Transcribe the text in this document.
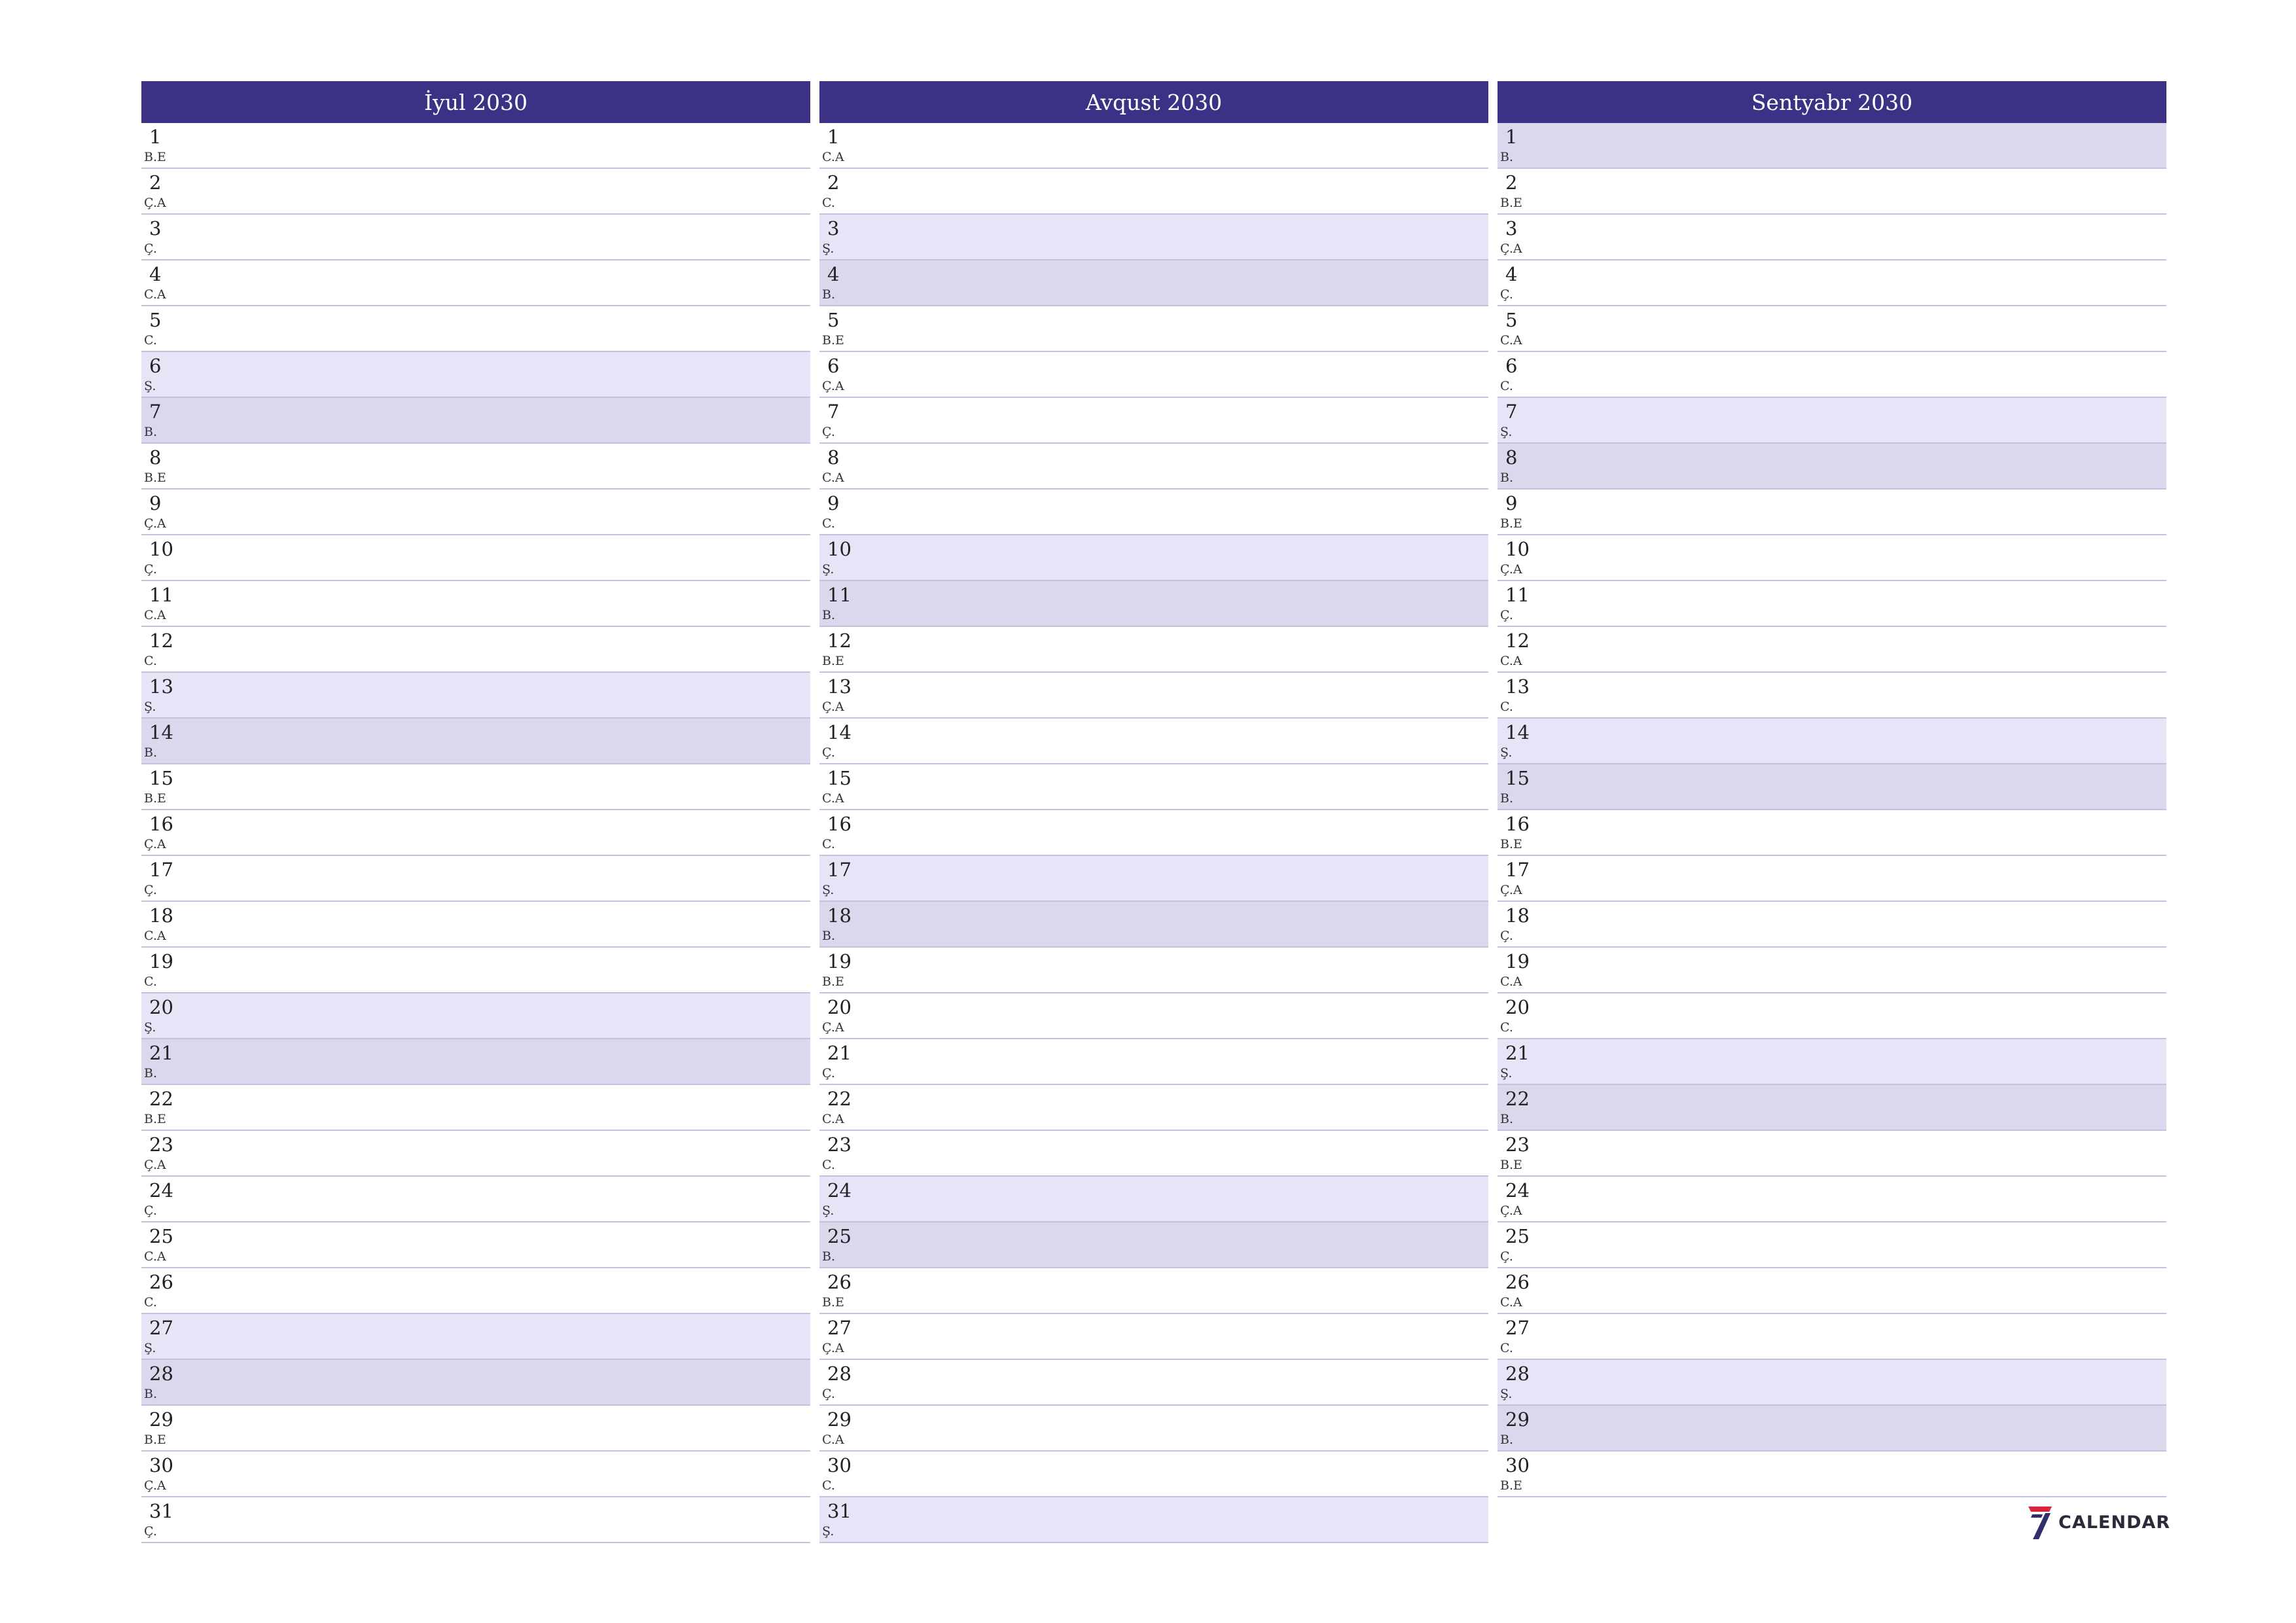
İyul 2030
1
B.E
2
Ç.A
3
Ç.
4
C.A
5
C.
6
Ş.
7
B.
8
B.E
9
Ç.A
10
Ç.
11
C.A
12
C.
13
Ş.
14
B.
15
B.E
16
Ç.A
17
Ç.
18
C.A
19
C.
20
Ş.
21
B.
22
B.E
23
Ç.A
24
Ç.
25
C.A
26
C.
27
Ş.
28
B.
29
B.E
30
Ç.A
31
Ç.
Avqust 2030
1
C.A
2
C.
3
Ş.
4
B.
5
B.E
6
Ç.A
7
Ç.
8
C.A
9
C.
10
Ş.
11
B.
12
B.E
13
Ç.A
14
Ç.
15
C.A
16
C.
17
Ş.
18
B.
19
B.E
20
Ç.A
21
Ç.
22
C.A
23
C.
24
Ş.
25
B.
26
B.E
27
Ç.A
28
Ç.
29
C.A
30
C.
31
Ş.
Sentyabr 2030
1
B.
2
B.E
3
Ç.A
4
Ç.
5
C.A
6
C.
7
Ş.
8
B.
9
B.E
10
Ç.A
11
Ç.
12
C.A
13
C.
14
Ş.
15
B.
16
B.E
17
Ç.A
18
Ç.
19
C.A
20
C.
21
Ş.
22
B.
23
B.E
24
Ç.A
25
Ç.
26
C.A
27
C.
28
Ş.
29
B.
30
B.E
CALENDAR
